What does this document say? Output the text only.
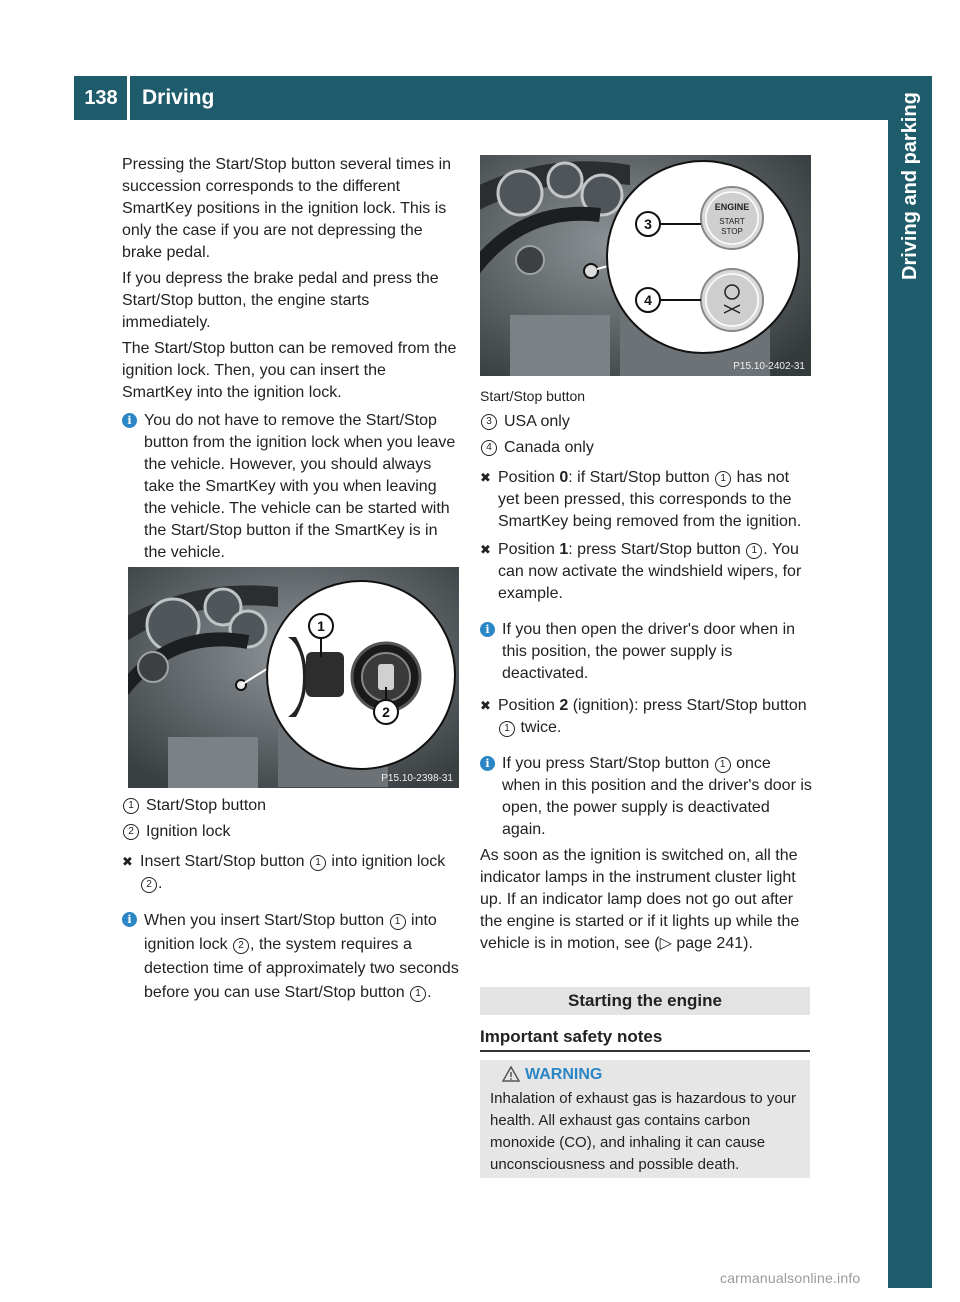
138	Driving	Driving and parking

Pressing the Start/Stop button several times in succession corresponds to the different SmartKey positions in the ignition lock. This is only the case if you are not depressing the brake pedal.

If you depress the brake pedal and press the Start/Stop button, the engine starts immediately.

The Start/Stop button can be removed from the ignition lock. Then, you can insert the SmartKey into the ignition lock.

i You do not have to remove the Start/Stop button from the ignition lock when you leave the vehicle. However, you should always take the SmartKey with you when leaving the vehicle. The vehicle can be started with the Start/Stop button if the SmartKey is in the vehicle.
1
2
P15.10-2398-31
1 Start/Stop button
2 Ignition lock
✖ Insert Start/Stop button 1 into ignition lock 2 .
i When you insert Start/Stop button 1 into ignition lock 2 , the system requires a detection time of approximately two seconds before you can use Start/Stop button 1 .
ENGINE
START
STOP
3
4
P15.10-2402-31

Start/Stop button

3 USA only
4 Canada only
✖ Position 0: if Start/Stop button 1 has not yet been pressed, this corresponds to the SmartKey being removed from the ignition.
✖ Position 1: press Start/Stop button 1 . You can now activate the windshield wipers, for example.
i If you then open the driver's door when in this position, the power supply is deactivated.
✖ Position 2 (ignition): press Start/Stop button 1 twice.
i If you press Start/Stop button 1 once when in this position and the driver's door is open, the power supply is deactivated again.

As soon as the ignition is switched on, all the indicator lamps in the instrument cluster light up. If an indicator lamp does not go out after the engine is started or if it lights up while the vehicle is in motion, see (▷ page 241).

Starting the engine
Important safety notes
WARNING
Inhalation of exhaust gas is hazardous to your health. All exhaust gas contains carbon monoxide (CO), and inhaling it can cause unconsciousness and possible death.
carmanualsonline.info
